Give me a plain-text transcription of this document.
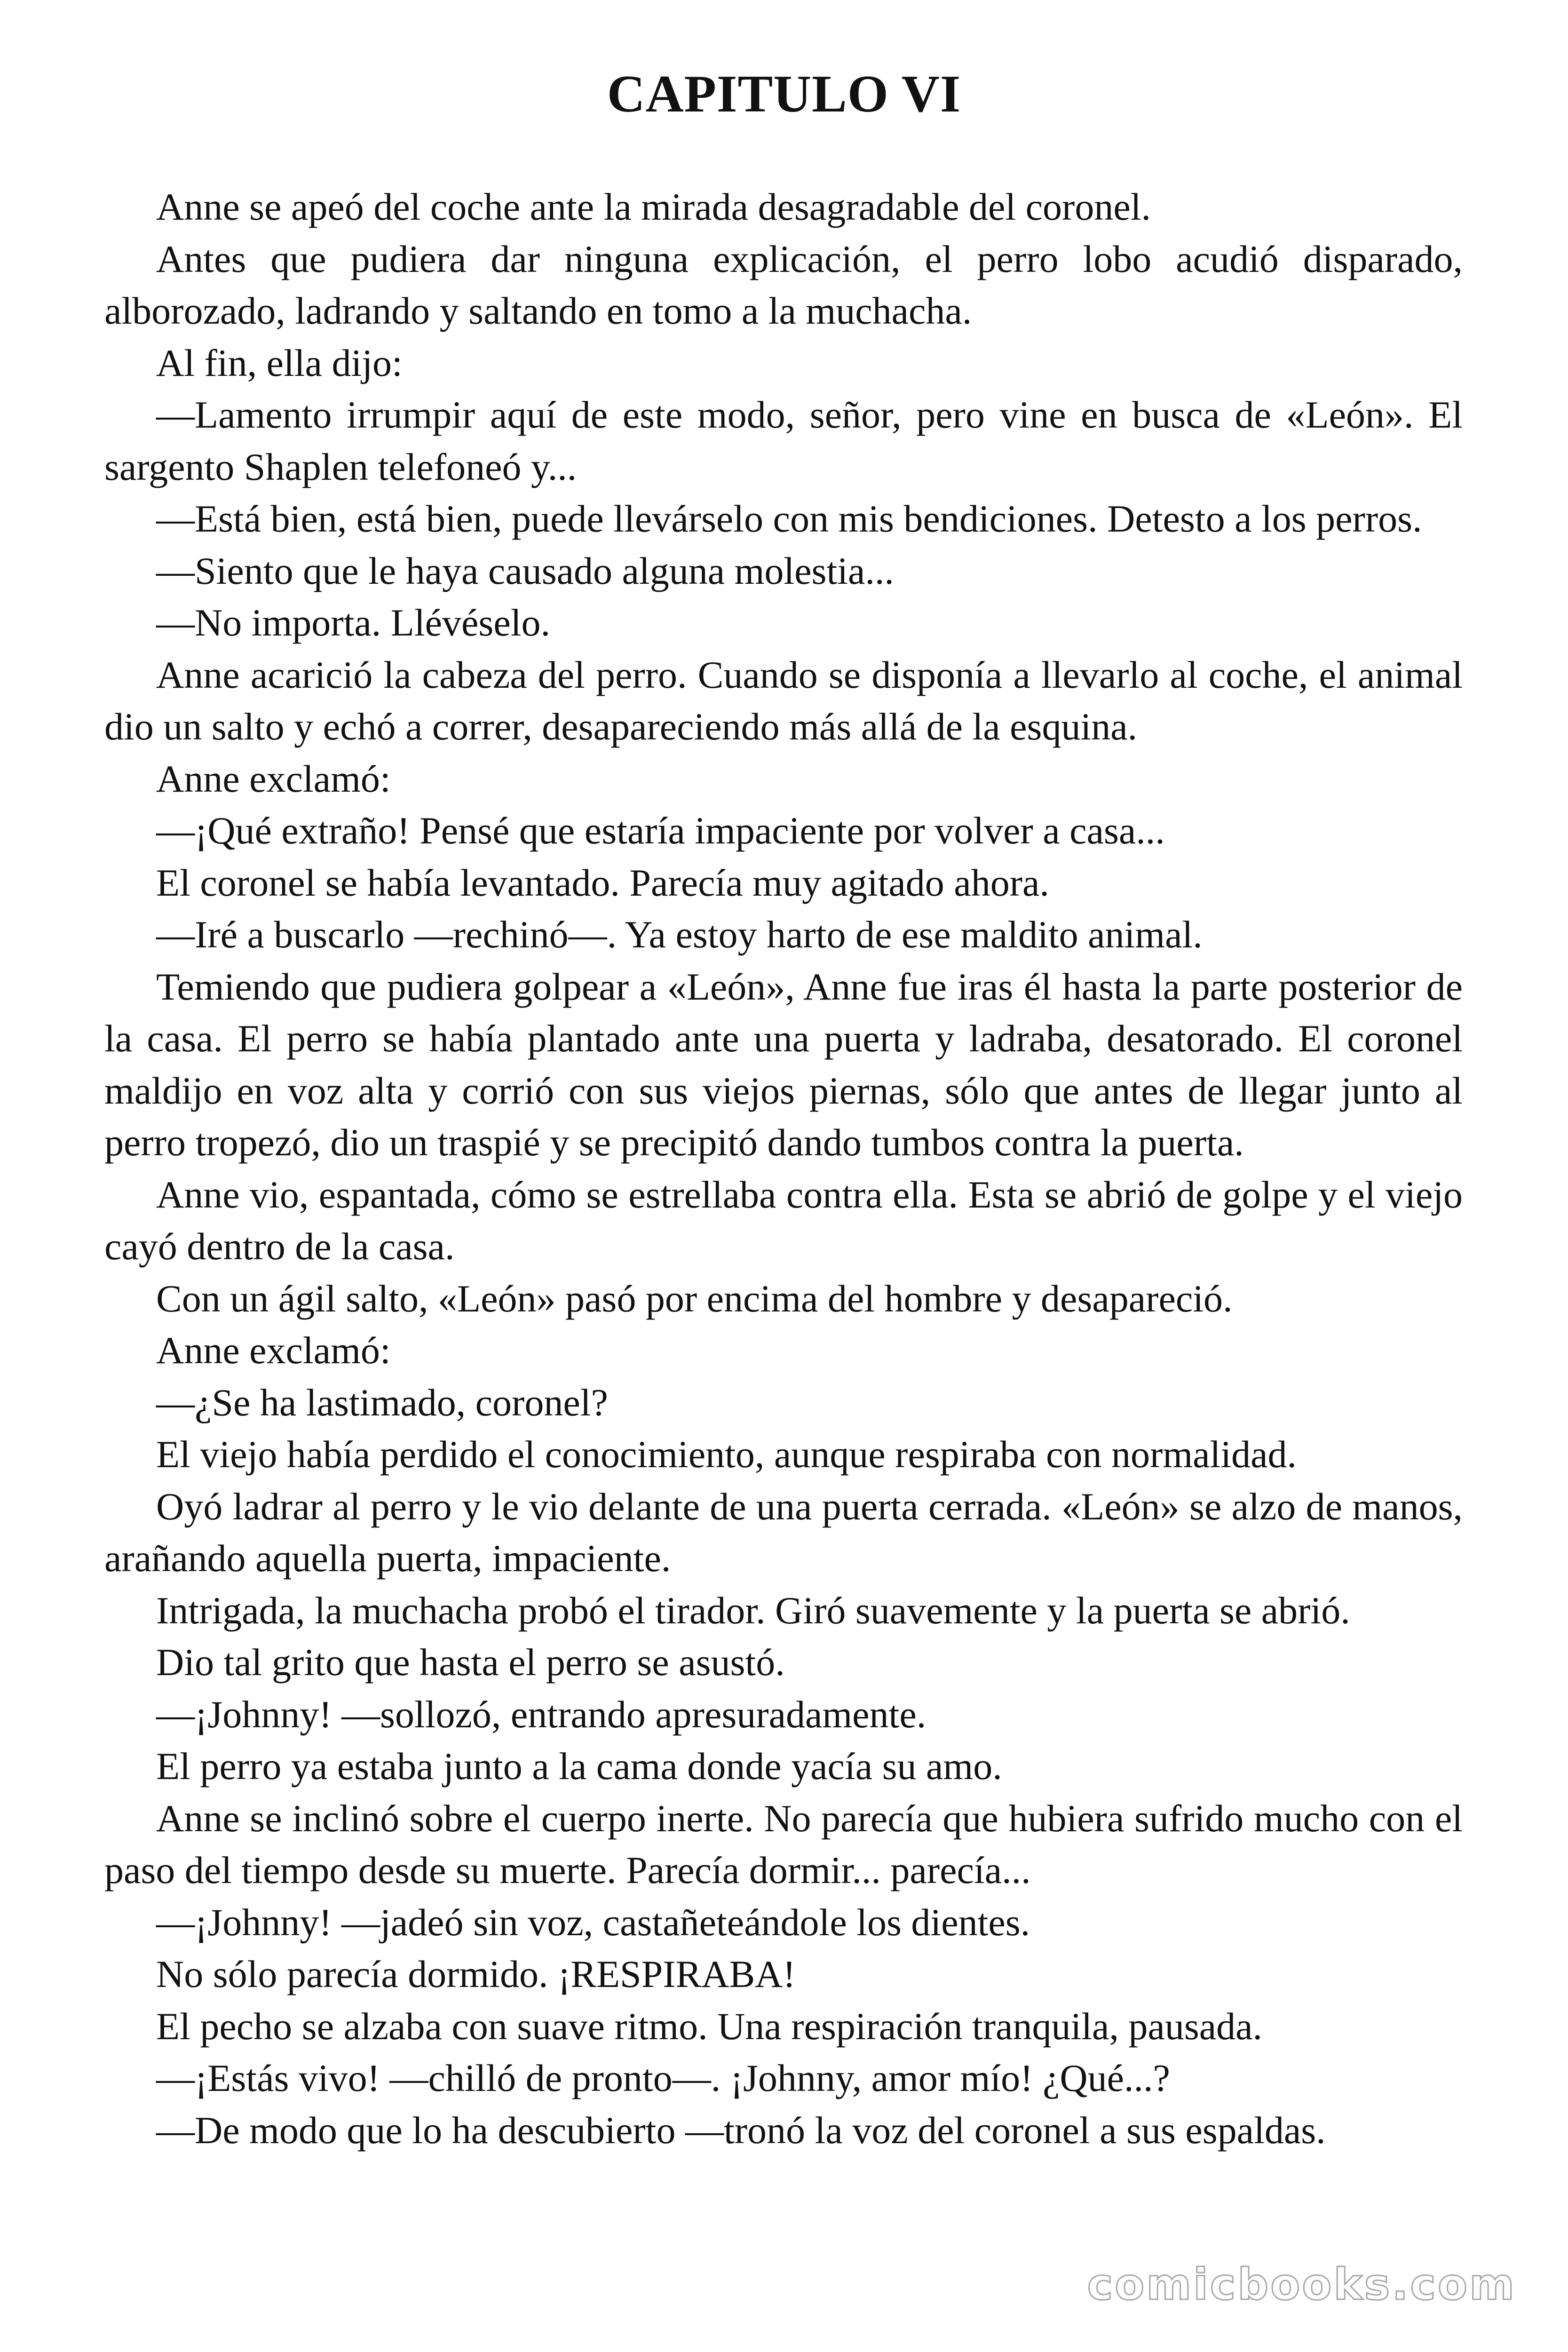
CAPITULO VI

Anne se apeó del coche ante la mirada desagradable del coronel.

Antes que pudiera dar ninguna explicación, el perro lobo acudió disparado, alborozado, ladrando y saltando en tomo a la muchacha.

Al fin, ella dijo:

—Lamento irrumpir aquí de este modo, señor, pero vine en busca de «León». El sargento Shaplen telefoneó y...

—Está bien, está bien, puede llevárselo con mis bendiciones. Detesto a los perros.

—Siento que le haya causado alguna molestia...

—No importa. Llévéselo.

Anne acarició la cabeza del perro. Cuando se disponía a llevarlo al coche, el animal dio un salto y echó a correr, desapareciendo más allá de la esquina.

Anne exclamó:

—¡Qué extraño! Pensé que estaría impaciente por volver a casa...

El coronel se había levantado. Parecía muy agitado ahora.

—Iré a buscarlo —rechinó—. Ya estoy harto de ese maldito animal.

Temiendo que pudiera golpear a «León», Anne fue iras él hasta la parte posterior de la casa. El perro se había plantado ante una puerta y ladraba, desatorado. El coronel maldijo en voz alta y corrió con sus viejos piernas, sólo que antes de llegar junto al perro tropezó, dio un traspié y se precipitó dando tumbos contra la puerta.

Anne vio, espantada, cómo se estrellaba contra ella. Esta se abrió de golpe y el viejo cayó dentro de la casa.

Con un ágil salto, «León» pasó por encima del hombre y desapareció.

Anne exclamó:

—¿Se ha lastimado, coronel?

El viejo había perdido el conocimiento, aunque respiraba con normalidad.

Oyó ladrar al perro y le vio delante de una puerta cerrada. «León» se alzo de manos, arañando aquella puerta, impaciente.

Intrigada, la muchacha probó el tirador. Giró suavemente y la puerta se abrió.

Dio tal grito que hasta el perro se asustó.

—¡Johnny! —sollozó, entrando apresuradamente.

El perro ya estaba junto a la cama donde yacía su amo.

Anne se inclinó sobre el cuerpo inerte. No parecía que hubiera sufrido mucho con el paso del tiempo desde su muerte. Parecía dormir... parecía...

—¡Johnny! —jadeó sin voz, castañeteándole los dientes.

No sólo parecía dormido. ¡RESPIRABA!

El pecho se alzaba con suave ritmo. Una respiración tranquila, pausada.

—¡Estás vivo! —chilló de pronto—. ¡Johnny, amor mío! ¿Qué...?

—De modo que lo ha descubierto —tronó la voz del coronel a sus espaldas.

comicbooks.com
